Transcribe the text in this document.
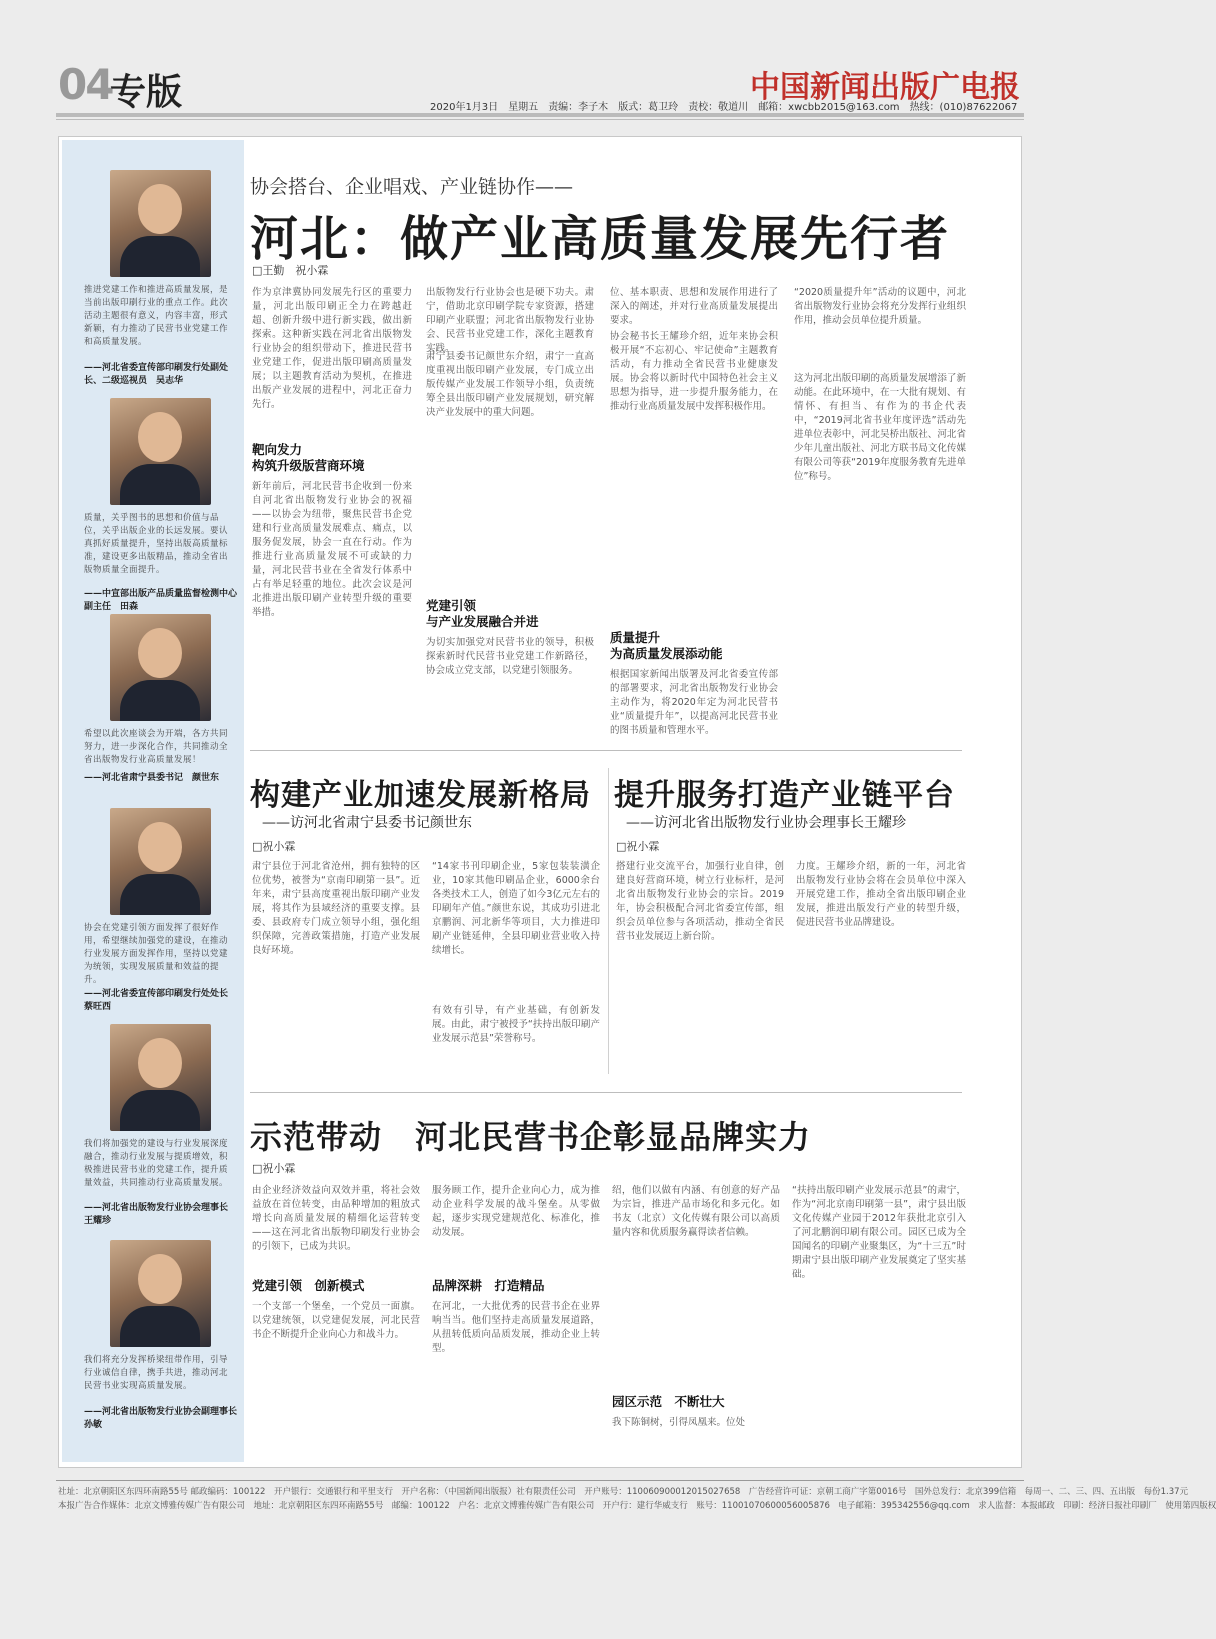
04
专版	中国新闻出版广电报
2020年1月3日 星期五 责编：李子木 版式：葛卫玲 责校：敬道川 邮箱：xwcbb2015@163.com 热线：(010)87622067
推进党建工作和推进高质量发展，是当前出版印刷行业的重点工作。此次活动主题很有意义，内容丰富，形式新颖，有力推动了民营书业党建工作和高质量发展。
——河北省委宣传部印刷发行处副处长、二级巡视员　吴志华
质量，关乎图书的思想和价值与品位，关乎出版企业的长远发展。要认真抓好质量提升，坚持出版高质量标准，建设更多出版精品，推动全省出版物质量全面提升。
——中宣部出版产品质量监督检测中心副主任　田森
希望以此次座谈会为开端，各方共同努力，进一步深化合作，共同推动全省出版物发行业高质量发展！
——河北省肃宁县委书记　颜世东
协会在党建引领方面发挥了很好作用，希望继续加强党的建设，在推动行业发展方面发挥作用，坚持以党建为统领，实现发展质量和效益的提升。
——河北省委宣传部印刷发行处处长　蔡旺西
我们将加强党的建设与行业发展深度融合，推动行业发展与提质增效，积极推进民营书业的党建工作，提升质量效益，共同推动行业高质量发展。
——河北省出版物发行业协会理事长　王耀珍
我们将充分发挥桥梁纽带作用，引导行业诚信自律，携手共进，推动河北民营书业实现高质量发展。
——河北省出版物发行业协会副理事长　孙敏
协会搭台、企业唱戏、产业链协作——
河北：做产业高质量发展先行者
□王勤　祝小霖
作为京津冀协同发展先行区的重要力量，河北出版印刷正全力在跨越赶超、创新升级中进行新实践，做出新探索。这种新实践在河北省出版物发行业协会的组织带动下，推进民营书业党建工作，促进出版印刷高质量发展；以主题教育活动为契机，在推进出版产业发展的进程中，河北正奋力先行。
靶向发力
构筑升级版营商环境
新年前后，河北民营书企收到一份来自河北省出版物发行业协会的祝福——以协会为纽带，聚焦民营书企党建和行业高质量发展难点、痛点，以服务促发展，协会一直在行动。作为推进行业高质量发展不可或缺的力量，河北民营书业在全省发行体系中占有举足轻重的地位。此次会议是河北推进出版印刷产业转型升级的重要举措。
出版物发行行业协会也是硬下功夫。肃宁，借助北京印刷学院专家资源，搭建印刷产业联盟；河北省出版物发行业协会、民营书业党建工作，深化主题教育实践。
肃宁县委书记颜世东介绍，肃宁一直高度重视出版印刷产业发展，专门成立出版传媒产业发展工作领导小组，负责统筹全县出版印刷产业发展规划，研究解决产业发展中的重大问题。
党建引领
与产业发展融合并进
为切实加强党对民营书业的领导，积极探索新时代民营书业党建工作新路径，协会成立党支部，以党建引领服务。
位、基本职责、思想和发展作用进行了深入的阐述，并对行业高质量发展提出要求。
协会秘书长王耀珍介绍，近年来协会积极开展“不忘初心、牢记使命”主题教育活动，有力推动全省民营书业健康发展。协会将以新时代中国特色社会主义思想为指导，进一步提升服务能力，在推动行业高质量发展中发挥积极作用。
质量提升
为高质量发展添动能
根据国家新闻出版署及河北省委宣传部的部署要求，河北省出版物发行业协会主动作为，将2020年定为河北民营书业“质量提升年”，以提高河北民营书业的图书质量和管理水平。
“2020质量提升年”活动的议题中，河北省出版物发行业协会将充分发挥行业组织作用，推动会员单位提升质量。
这为河北出版印刷的高质量发展增添了新动能。在此环境中，在一大批有规划、有情怀、有担当、有作为的书企代表中，“2019河北省书业年度评选”活动先进单位表彰中，河北吴桥出版社、河北省少年儿童出版社、河北方联书局文化传媒有限公司等获“2019年度服务教育先进单位”称号。
构建产业加速发展新格局
——访河北省肃宁县委书记颜世东
□祝小霖
肃宁县位于河北省沧州，拥有独特的区位优势，被誉为“京南印刷第一县”。近年来，肃宁县高度重视出版印刷产业发展，将其作为县域经济的重要支撑。县委、县政府专门成立领导小组，强化组织保障，完善政策措施，打造产业发展良好环境。
“14家书刊印刷企业，5家包装装潢企业，10家其他印刷品企业，6000余台各类技术工人，创造了如今3亿元左右的印刷年产值。”颜世东说，其成功引进北京鹏润、河北新华等项目，大力推进印刷产业链延伸，全县印刷业营业收入持续增长。
有效有引导，有产业基础，有创新发展。由此，肃宁被授予“扶持出版印刷产业发展示范县”荣誉称号。
提升服务打造产业链平台
——访河北省出版物发行业协会理事长王耀珍
□祝小霖
搭建行业交流平台，加强行业自律，创建良好营商环境，树立行业标杆，是河北省出版物发行业协会的宗旨。2019年，协会积极配合河北省委宣传部，组织会员单位参与各项活动，推动全省民营书业发展迈上新台阶。
力度。王耀珍介绍，新的一年，河北省出版物发行业协会将在会员单位中深入开展党建工作，推动全省出版印刷企业发展，推进出版发行产业的转型升级，促进民营书业品牌建设。
示范带动　河北民营书企彰显品牌实力
□祝小霖
由企业经济效益向双效并重，将社会效益放在首位转变，由品种增加的粗放式增长向高质量发展的精细化运营转变——这在河北省出版物印刷发行业协会的引领下，已成为共识。
党建引领　创新模式
一个支部一个堡垒，一个党员一面旗。以党建统领，以党建促发展，河北民营书企不断提升企业向心力和战斗力。
服务顾工作，提升企业向心力，成为推动企业科学发展的战斗堡垒。从零做起，逐步实现党建规范化、标准化，推动发展。
品牌深耕　打造精品
在河北，一大批优秀的民营书企在业界响当当。他们坚持走高质量发展道路，从扭转低质向品质发展，推动企业上转型。
绍，他们以做有内涵、有创意的好产品为宗旨，推进产品市场化和多元化。如书友（北京）文化传媒有限公司以高质量内容和优质服务赢得读者信赖。
园区示范　不断壮大
我下陈铜树，引得凤凰来。位处
“扶持出版印刷产业发展示范县”的肃宁，作为“河北京南印刷第一县”，肃宁县出版文化传媒产业园于2012年获批北京引入了河北鹏润印刷有限公司。园区已成为全国闻名的印刷产业聚集区，为“十三五”时期肃宁县出版印刷产业发展奠定了坚实基础。
社址：北京朝阳区东四环南路55号 邮政编码：100122　开户银行：交通银行和平里支行　开户名称：（中国新闻出版报）社有限责任公司　开户账号：110060900012015027658　广告经营许可证：京朝工商广字第0016号　国外总发行：北京399信箱　每周一、二、三、四、五出版　每份1.37元
本报广告合作媒体：北京文博雅传媒广告有限公司　地址：北京朝阳区东四环南路55号　邮编：100122　户名：北京文博雅传媒广告有限公司　开户行：建行华威支行　账号：11001070600056005876　电子邮箱：395342556@qq.com　求人监督：本报邮政　印刷：经济日报社印刷厂　使用第四版权
